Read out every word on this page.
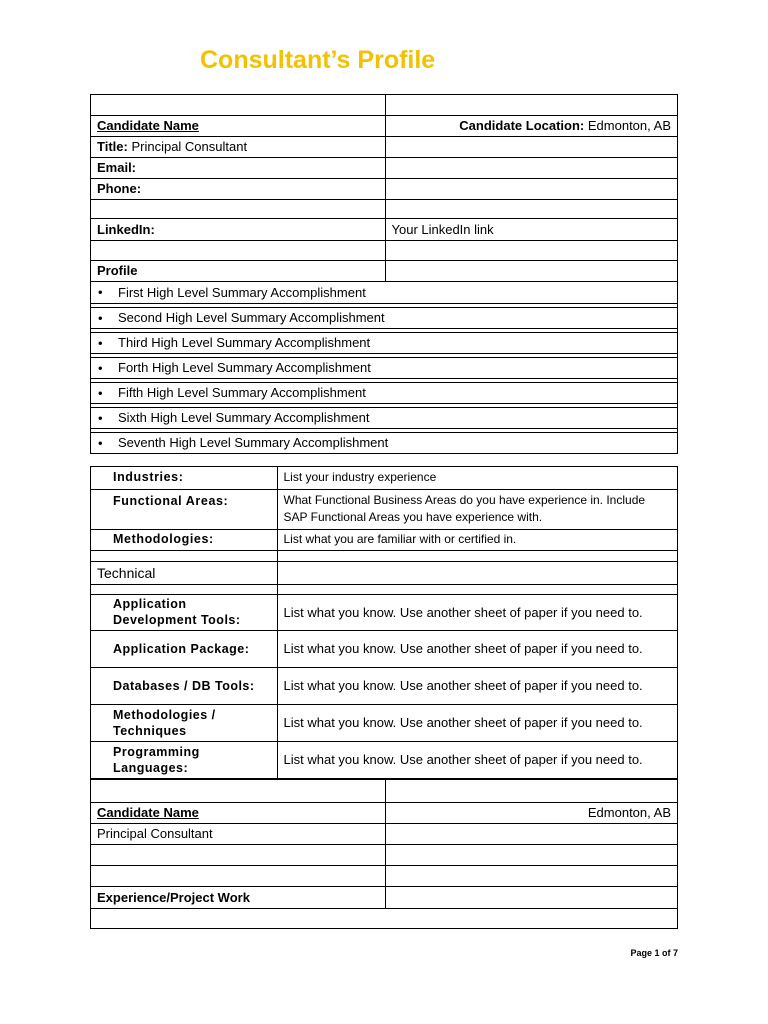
Consultant’s Profile

Candidate Name	Candidate Location: Edmonton, AB
Title: Principal Consultant	
Email:	
Phone:	

LinkedIn:	Your LinkedIn link

Profile	
• First High Level Summary Accomplishment

• Second High Level Summary Accomplishment

• Third High Level Summary Accomplishment

• Forth High Level Summary Accomplishment

• Fifth High Level Summary Accomplishment

• Sixth High Level Summary Accomplishment

• Seventh High Level Summary Accomplishment
Industries:	List your industry experience
Functional Areas:	What Functional Business Areas do you have experience in. Include SAP Functional Areas you have experience with.
Methodologies:	List what you are familiar with or certified in.

Technical	

Application Development Tools:	List what you know. Use another sheet of paper if you need to.
Application Package:	List what you know. Use another sheet of paper if you need to.
Databases / DB Tools:	List what you know. Use another sheet of paper if you need to.
Methodologies / Techniques	List what you know. Use another sheet of paper if you need to.
Programming Languages:	List what you know. Use another sheet of paper if you need to.

Candidate Name	Edmonton, AB
Principal Consultant	

Experience/Project Work	

Page 1 of 7
